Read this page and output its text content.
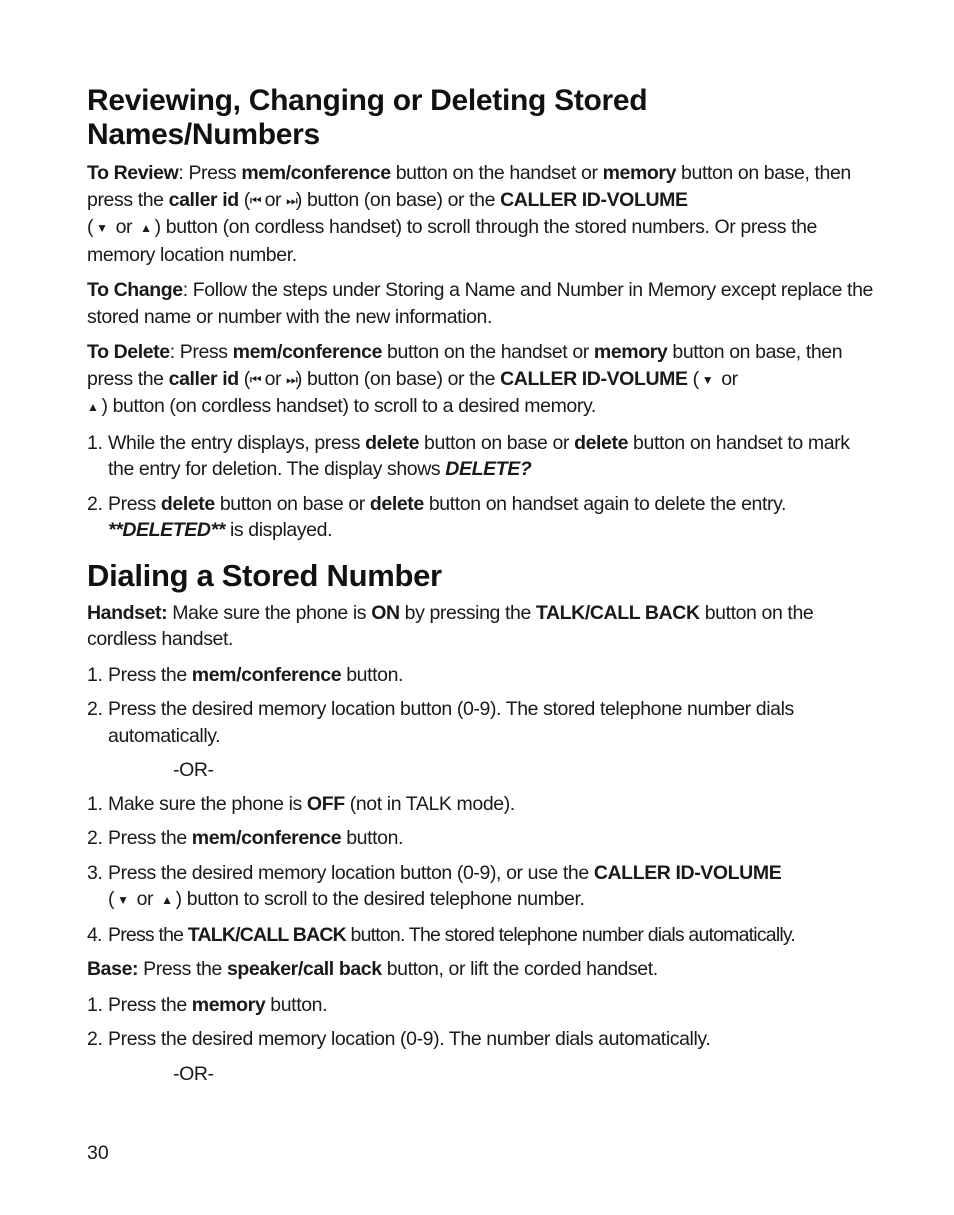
Reviewing, Changing or Deleting Stored Names/Numbers

To Review: Press mem/conference button on the handset or memory button on base, then press the caller id (⏮ or ⏭) button (on base) or the CALLER ID-VOLUME
( ▼ or ▲ ) button (on cordless handset) to scroll through the stored numbers. Or press the memory location number.

To Change: Follow the steps under Storing a Name and Number in Memory except replace the stored name or number with the new information.

To Delete: Press mem/conference button on the handset or memory button on base, then press the caller id (⏮ or ⏭) button (on base) or the CALLER ID-VOLUME ( ▼ or
▲ ) button (on cordless handset) to scroll to a desired memory.

1. While the entry displays, press delete button on base or delete button on handset to mark the entry for deletion. The display shows DELETE?

2. Press delete button on base or delete button on handset again to delete the entry. **DELETED** is displayed.

Dialing a Stored Number

Handset: Make sure the phone is ON by pressing the TALK/CALL BACK button on the cordless handset.

1. Press the mem/conference button.

2. Press the desired memory location button (0-9). The stored telephone number dials automatically.

-OR-

1. Make sure the phone is OFF (not in TALK mode).

2. Press the mem/conference button.

3. Press the desired memory location button (0-9), or use the CALLER ID-VOLUME
( ▼ or ▲ ) button to scroll to the desired telephone number.

4. Press the TALK/CALL BACK button. The stored telephone number dials automatically.

Base: Press the speaker/call back button, or lift the corded handset.

1. Press the memory button.

2. Press the desired memory location (0-9). The number dials automatically.

-OR-

30
